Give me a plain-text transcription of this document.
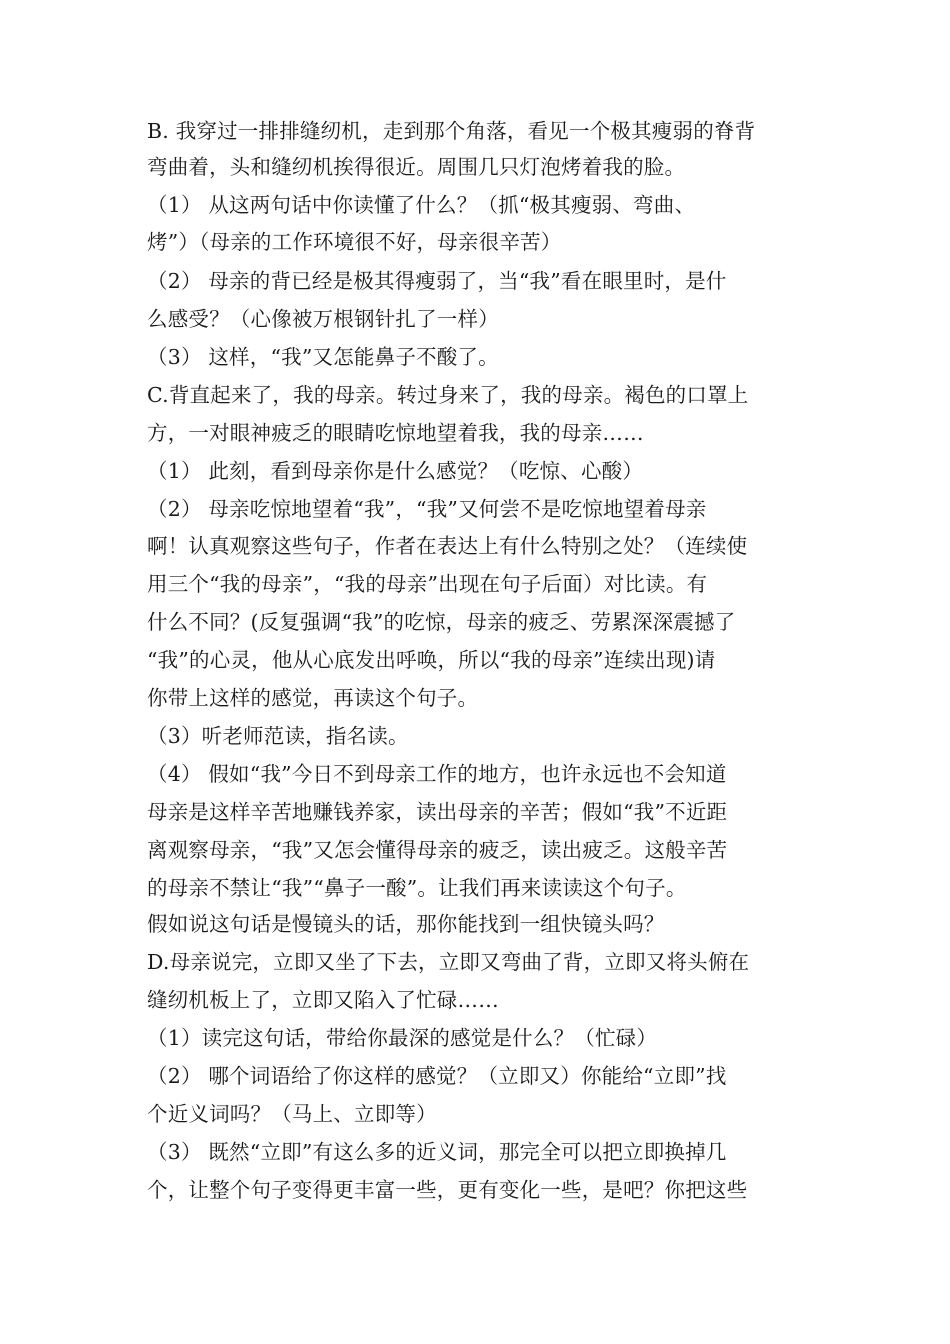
B. 我穿过一排排缝纫机，走到那个角落，看见一个极其瘦弱的脊背

弯曲着，头和缝纫机挨得很近。周围几只灯泡烤着我的脸。

（1） 从这两句话中你读懂了什么？（抓“极其瘦弱、弯曲、

烤”）（母亲的工作环境很不好，母亲很辛苦）

（2） 母亲的背已经是极其得瘦弱了，当“我”看在眼里时，是什

么感受？（心像被万根钢针扎了一样）

（3） 这样，“我”又怎能鼻子不酸了。

C.背直起来了，我的母亲。转过身来了，我的母亲。褐色的口罩上

方，一对眼神疲乏的眼睛吃惊地望着我，我的母亲……

（1） 此刻，看到母亲你是什么感觉？（吃惊、心酸）

（2） 母亲吃惊地望着“我”，“我”又何尝不是吃惊地望着母亲

啊！认真观察这些句子，作者在表达上有什么特别之处？（连续使

用三个“我的母亲”，“我的母亲”出现在句子后面）对比读。有

什么不同？(反复强调“我”的吃惊，母亲的疲乏、劳累深深震撼了

“我”的心灵，他从心底发出呼唤，所以“我的母亲”连续出现)请

你带上这样的感觉，再读这个句子。

（3）听老师范读，指名读。

（4） 假如“我”今日不到母亲工作的地方，也许永远也不会知道

母亲是这样辛苦地赚钱养家，读出母亲的辛苦；假如“我”不近距

离观察母亲，“我”又怎会懂得母亲的疲乏，读出疲乏。这般辛苦

的母亲不禁让“我”“鼻子一酸”。让我们再来读读这个句子。

假如说这句话是慢镜头的话，那你能找到一组快镜头吗？

D.母亲说完，立即又坐了下去，立即又弯曲了背，立即又将头俯在

缝纫机板上了，立即又陷入了忙碌……

（1）读完这句话，带给你最深的感觉是什么？（忙碌）

（2） 哪个词语给了你这样的感觉？（立即又）你能给“立即”找

个近义词吗？（马上、立即等）

（3） 既然“立即”有这么多的近义词，那完全可以把立即换掉几

个，让整个句子变得更丰富一些，更有变化一些，是吧？你把这些
